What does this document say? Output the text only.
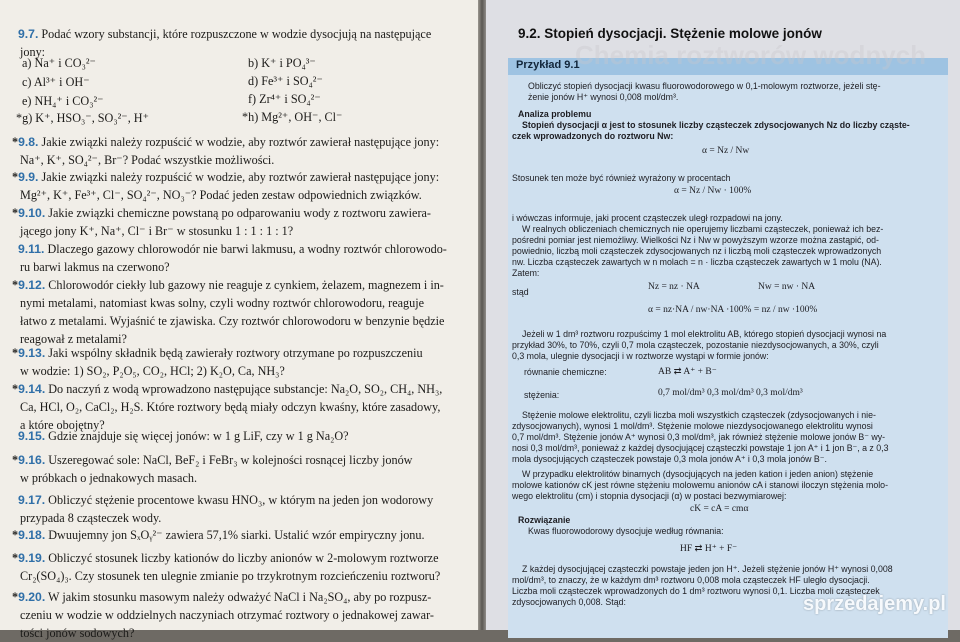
a) Na⁺ i CO₃²⁻	b) K⁺ i PO₄³⁻
c) Al³⁺ i OH⁻	d) Fe³⁺ i SO₄²⁻
e) NH₄⁺ i CO₃²⁻	f) Zr⁴⁺ i SO₄²⁻
*g) K⁺, HSO₃⁻, SO₃²⁻, H⁺	*h) Mg²⁺, OH⁻, Cl⁻
9.7. Podać wzory substancji, które rozpuszczone w wodzie dysocjują na następujące
jony:
*9.8. Jakie związki należy rozpuścić w wodzie, aby roztwór zawierał następujące jony:
Na⁺, K⁺, SO₄²⁻, Br⁻? Podać wszystkie możliwości.
*9.9. Jakie związki należy rozpuścić w wodzie, aby roztwór zawierał następujące jony:
Mg²⁺, K⁺, Fe³⁺, Cl⁻, SO₄²⁻, NO₃⁻? Podać jeden zestaw odpowiednich związków.
*9.10. Jakie związki chemiczne powstaną po odparowaniu wody z roztworu zawiera-
jącego jony K⁺, Na⁺, Cl⁻ i Br⁻ w stosunku 1 : 1 : 1 : 1?
9.11. Dlaczego gazowy chlorowodór nie barwi lakmusu, a wodny roztwór chlorowodo-
ru barwi lakmus na czerwono?
*9.12. Chlorowodór ciekły lub gazowy nie reaguje z cynkiem, żelazem, magnezem i in-
nymi metalami, natomiast kwas solny, czyli wodny roztwór chlorowodoru, reaguje
łatwo z metalami. Wyjaśnić te zjawiska. Czy roztwór chlorowodoru w benzynie będzie
reagował z metalami?
*9.13. Jaki wspólny składnik będą zawierały roztwory otrzymane po rozpuszczeniu
w wodzie: 1) SO₂, P₂O₅, CO₂, HCl; 2) K₂O, Ca, NH₃?
*9.14. Do naczyń z wodą wprowadzono następujące substancje: Na₂O, SO₂, CH₄, NH₃,
Ca, HCl, O₂, CaCl₂, H₂S. Które roztwory będą miały odczyn kwaśny, które zasadowy,
a które obojętny?
9.15. Gdzie znajduje się więcej jonów: w 1 g LiF, czy w 1 g Na₂O?
*9.16. Uszeregować sole: NaCl, BeF₂ i FeBr₃ w kolejności rosnącej liczby jonów
w próbkach o jednakowych masach.
9.17. Obliczyć stężenie procentowe kwasu HNO₃, w którym na jeden jon wodorowy
przypada 8 cząsteczek wody.
*9.18. Dwuujemny jon SₓOᵧ²⁻ zawiera 57,1% siarki. Ustalić wzór empiryczny jonu.
*9.19. Obliczyć stosunek liczby kationów do liczby anionów w 2-molowym roztworze
Cr₂(SO₄)₃. Czy stosunek ten ulegnie zmianie po trzykrotnym rozcieńczeniu roztworu?
*9.20. W jakim stosunku masowym należy odważyć NaCl i Na₂SO₄, aby po rozpusz-
czeniu w wodzie w oddzielnych naczyniach otrzymać roztwory o jednakowej zawar-
tości jonów sodowych?
9.2. Stopień dysocjacji. Stężenie molowe jonów
Przykład 9.1
Obliczyć stopień dysocjacji kwasu fluorowodorowego w 0,1-molowym roztworze, jeżeli stę-
żenie jonów H⁺ wynosi 0,008 mol/dm³.
Analiza problemu
Stopień dysocjacji α jest to stosunek liczby cząsteczek zdysocjowanych Nz do liczby cząste-
czek wprowadzonych do roztworu Nw:
Stosunek ten może być również wyrażony w procentach
i wówczas informuje, jaki procent cząsteczek uległ rozpadowi na jony.
W realnych obliczeniach chemicznych nie operujemy liczbami cząsteczek, ponieważ ich bez-
pośredni pomiar jest niemożliwy. Wielkości Nz i Nw w powyższym wzorze można zastąpić, od-
powiednio, liczbą moli cząsteczek zdysocjowanych nz i liczbą moli cząsteczek wprowadzonych
nw. Liczba cząsteczek zawartych w n molach = n · liczba cząsteczek zawartych w 1 molu (NA).
Zatem:
stąd
Jeżeli w 1 dm³ roztworu rozpuścimy 1 mol elektrolitu AB, którego stopień dysocjacji wynosi na
przykład 30%, to 70%, czyli 0,7 mola cząsteczek, pozostanie niezdysocjowanych, a 30%, czyli
0,3 mola, ulegnie dysocjacji i w roztworze wystąpi w formie jonów:
równanie chemiczne:
stężenia:
Stężenie molowe elektrolitu, czyli liczba moli wszystkich cząsteczek (zdysocjowanych i nie-
zdysocjowanych), wynosi 1 mol/dm³. Stężenie molowe niezdysocjowanego elektrolitu wynosi
0,7 mol/dm³. Stężenie jonów A⁺ wynosi 0,3 mol/dm³, jak również stężenie molowe jonów B⁻ wy-
nosi 0,3 mol/dm³, ponieważ z każdej dysocjującej cząsteczki powstaje 1 jon A⁺ i 1 jon B⁻, a z 0,3
mola dysocjujących cząsteczek powstaje 0,3 mola jonów A⁺ i 0,3 mola jonów B⁻.
W przypadku elektrolitów binarnych (dysocjujących na jeden kation i jeden anion) stężenie
molowe kationów cK jest równe stężeniu molowemu anionów cA i stanowi iloczyn stężenia molo-
wego elektrolitu (cm) i stopnia dysocjacji (α) w postaci bezwymiarowej:
Rozwiązanie
Kwas fluorowodorowy dysocjuje według równania:
Z każdej dysocjującej cząsteczki powstaje jeden jon H⁺. Jeżeli stężenie jonów H⁺ wynosi 0,008
mol/dm³, to znaczy, że w każdym dm³ roztworu 0,008 mola cząsteczek HF uległo dysocjacji.
Liczba moli cząsteczek wprowadzonych do 1 dm³ roztworu wynosi 0,1. Liczba moli cząsteczek
zdysocjowanych 0,008. Stąd:
α = Nz / Nw
α = Nz / Nw · 100%
Nz = nz · NA	Nw = nw · NA
α = nz·NA / nw·NA ·100% = nz / nw ·100%
AB ⇄ A⁺ + B⁻
0,7 mol/dm³ 0,3 mol/dm³ 0,3 mol/dm³
cK = cA = cmα
HF ⇄ H⁺ + F⁻
sprzedajemy.pl
Chemia roztworów wodnych
